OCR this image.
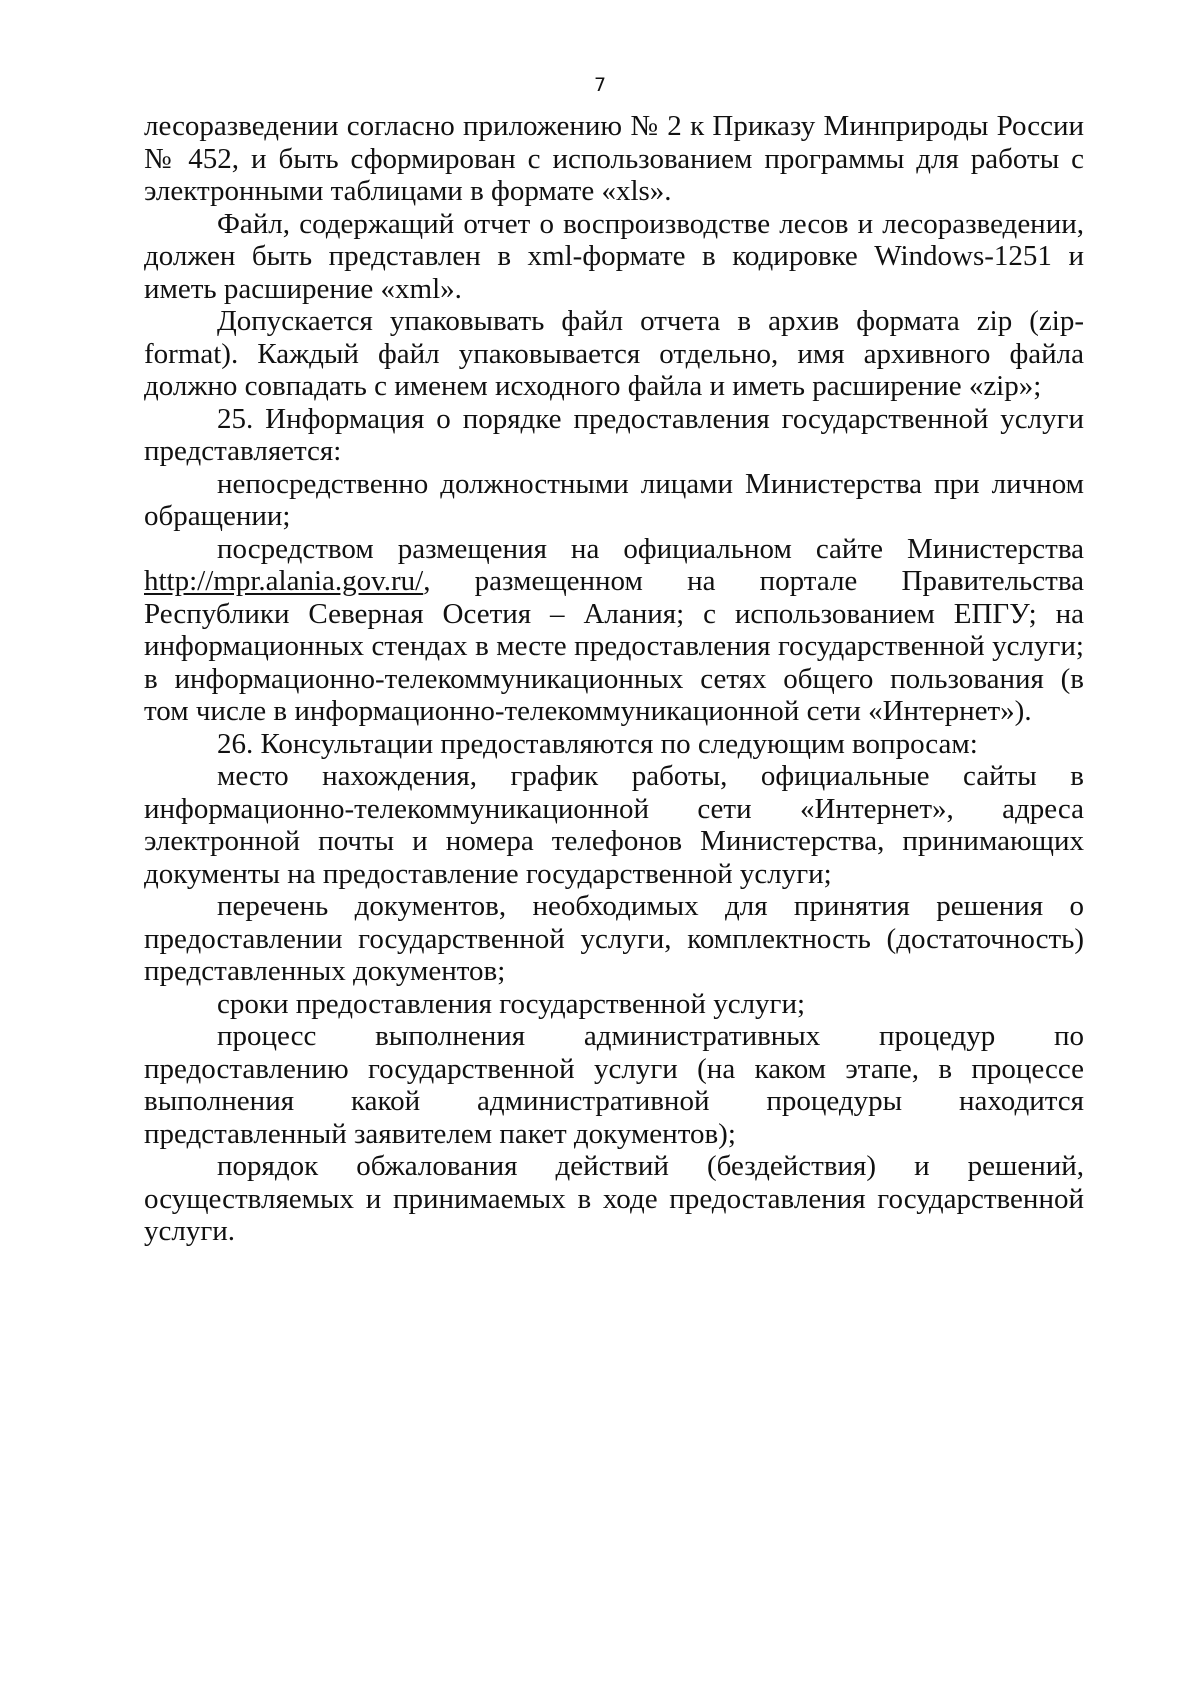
7

лесоразведении согласно приложению № 2 к Приказу Минприроды России № 452, и быть сформирован с использованием программы для работы с электронными таблицами в формате «xls».

Файл, содержащий отчет о воспроизводстве лесов и лесоразведении, должен быть представлен в xml-формате в кодировке Windows-1251 и иметь расширение «xml».

Допускается упаковывать файл отчета в архив формата zip (zip-format). Каждый файл упаковывается отдельно, имя архивного файла должно совпадать с именем исходного файла и иметь расширение «zip»;

25. Информация о порядке предоставления государственной услуги представляется:

непосредственно должностными лицами Министерства при личном обращении;

посредством размещения на официальном сайте Министерства http://mpr.alania.gov.ru/, размещенном на портале Правительства Республики Северная Осетия – Алания; с использованием ЕПГУ; на информационных стендах в месте предоставления государственной услуги; в информационно-телекоммуникационных сетях общего пользования (в том числе в информационно-телекоммуникационной сети «Интернет»).

26. Консультации предоставляются по следующим вопросам:

место нахождения, график работы, официальные сайты в информационно-телекоммуникационной сети «Интернет», адреса электронной почты и номера телефонов Министерства, принимающих документы на предоставление государственной услуги;

перечень документов, необходимых для принятия решения о предоставлении государственной услуги, комплектность (достаточность) представленных документов;

сроки предоставления государственной услуги;

процесс выполнения административных процедур по предоставлению государственной услуги (на каком этапе, в процессе выполнения какой административной процедуры находится представленный заявителем пакет документов);

порядок обжалования действий (бездействия) и решений, осуществляемых и принимаемых в ходе предоставления государственной услуги.
